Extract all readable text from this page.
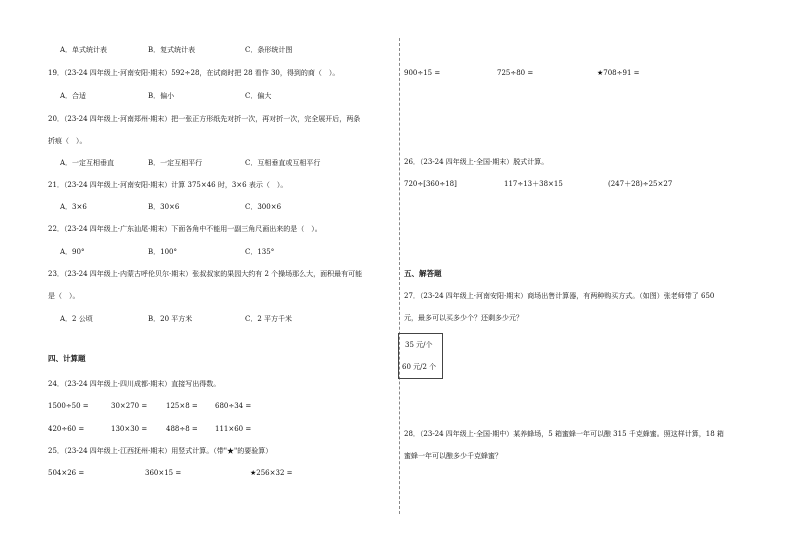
A．单式统计表	B．复式统计表	C．条形统计图
19．（23-24 四年级上·河南安阳·期末）592÷28，在试商时把 28 看作 30，得到的商（　）。
A．合适	B．偏小	C．偏大
20．（23-24 四年级上·河南郑州·期末）把一张正方形纸先对折一次，再对折一次，完全展开后，两条
折痕（　）。
A．一定互相垂直	B．一定互相平行	C．互相垂直或互相平行
21．（23-24 四年级上·河南安阳·期末）计算 375×46 时，3×6 表示（　）。
A．3×6	B．30×6	C．300×6
22．（23-24 四年级上·广东汕尾·期末）下面各角中不能用一副三角尺画出来的是（　）。
A．90°	B．100°	C．135°
23．（23-24 四年级上·内蒙古呼伦贝尔·期末）张叔叔家的果园大约有 2 个操场那么大，面积最有可能
是（　）。
A．2 公顷	B．20 平方米	C．2 平方千米
四、计算题
24．（23-24 四年级上·四川成都·期末）直接写出得数。
1500÷50 =	30×270 =	125×8 = 680÷34 =
420÷60 =	130×30 =	488÷8 = 111×60 =
25．（23-24 四年级上·江西抚州·期末）用竖式计算。（带"★"的要验算）
504×26 =	360×15 =	★256×32 =
900÷15 =	725÷80 =	★708÷91 =
26．（23-24 四年级上·全国·期末）脱式计算。
720÷[360÷18]	117÷13＋38×15	(247＋28)÷25×27
五、解答题
27．（23-24 四年级上·河南安阳·期末）商场出售计算器，有两种购买方式。（如图）张老师带了 650
元，最多可以买多少个？还剩多少元？
35 元/个
60 元/2 个
28．（23-24 四年级上·全国·期中）某养蜂场，5 箱蜜蜂一年可以酿 315 千克蜂蜜。照这样计算，18 箱
蜜蜂一年可以酿多少千克蜂蜜？
